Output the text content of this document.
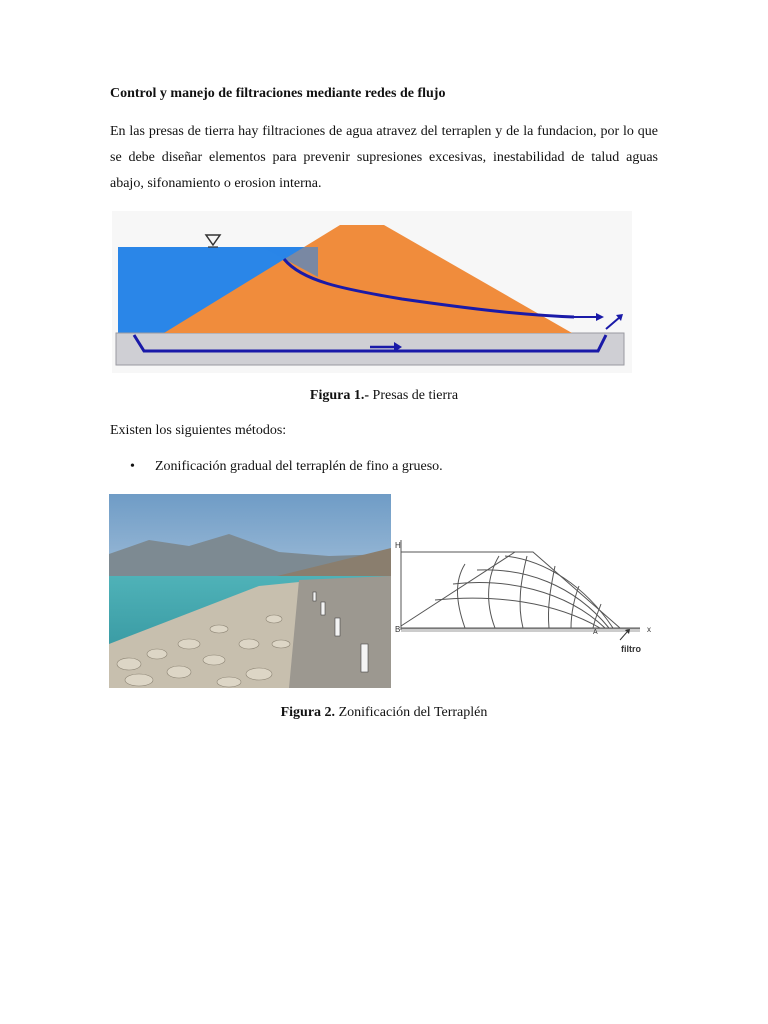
Control y manejo de filtraciones mediante redes de flujo
En las presas de tierra hay filtraciones de agua atravez del terraplen y de la fundacion, por lo que se debe diseñar elementos para prevenir supresiones excesivas, inestabilidad de talud aguas abajo, sifonamiento o erosion interna.
Figura 1.- Presas de tierra
Existen los siguientes métodos:
• Zonificación gradual del terraplén de fino a grueso.
H
B	A	x
filtro
Figura 2. Zonificación del Terraplén
